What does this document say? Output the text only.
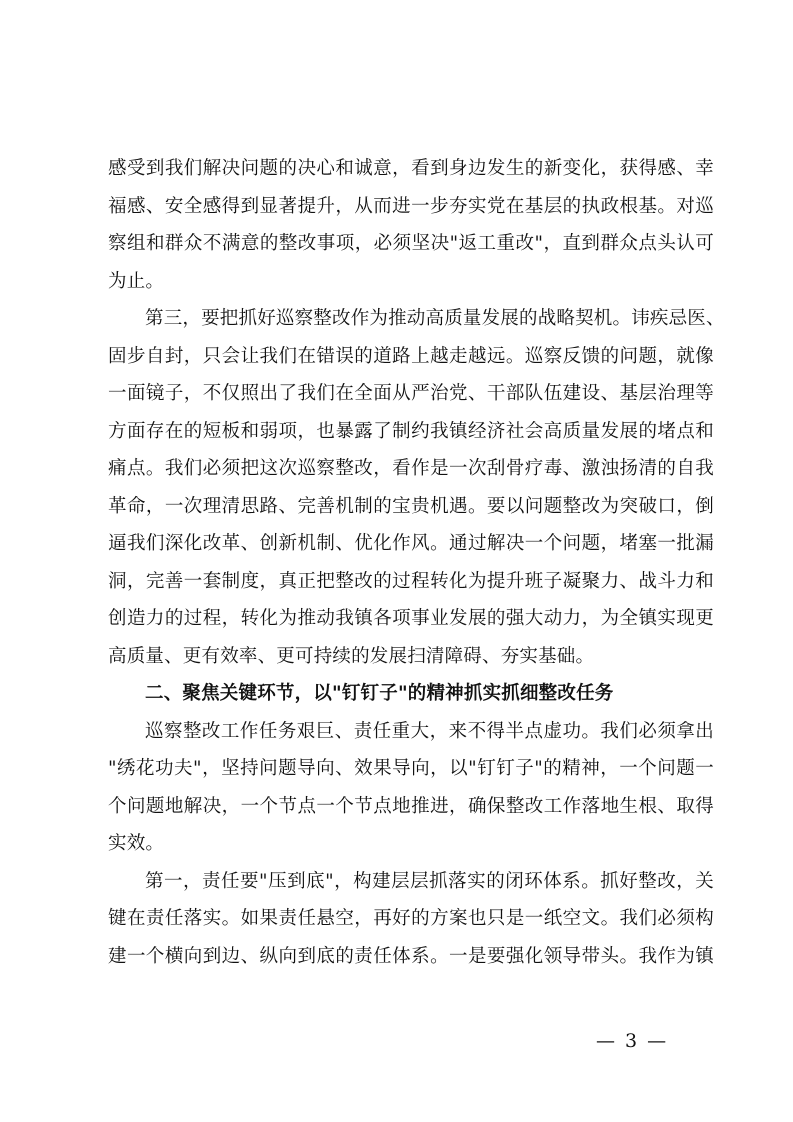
感受到我们解决问题的决心和诚意，看到身边发生的新变化，获得感、幸
福感、安全感得到显著提升，从而进一步夯实党在基层的执政根基。对巡
察组和群众不满意的整改事项，必须坚决"返工重改"，直到群众点头认可
为止。
第三，要把抓好巡察整改作为推动高质量发展的战略契机。讳疾忌医、
固步自封，只会让我们在错误的道路上越走越远。巡察反馈的问题，就像
一面镜子，不仅照出了我们在全面从严治党、干部队伍建设、基层治理等
方面存在的短板和弱项，也暴露了制约我镇经济社会高质量发展的堵点和
痛点。我们必须把这次巡察整改，看作是一次刮骨疗毒、激浊扬清的自我
革命，一次理清思路、完善机制的宝贵机遇。要以问题整改为突破口，倒
逼我们深化改革、创新机制、优化作风。通过解决一个问题，堵塞一批漏
洞，完善一套制度，真正把整改的过程转化为提升班子凝聚力、战斗力和
创造力的过程，转化为推动我镇各项事业发展的强大动力，为全镇实现更
高质量、更有效率、更可持续的发展扫清障碍、夯实基础。
二、聚焦关键环节，以"钉钉子"的精神抓实抓细整改任务
巡察整改工作任务艰巨、责任重大，来不得半点虚功。我们必须拿出
"绣花功夫"，坚持问题导向、效果导向，以"钉钉子"的精神，一个问题一
个问题地解决，一个节点一个节点地推进，确保整改工作落地生根、取得
实效。
第一，责任要"压到底"，构建层层抓落实的闭环体系。抓好整改，关
键在责任落实。如果责任悬空，再好的方案也只是一纸空文。我们必须构
建一个横向到边、纵向到底的责任体系。一是要强化领导带头。我作为镇
— 3 —
